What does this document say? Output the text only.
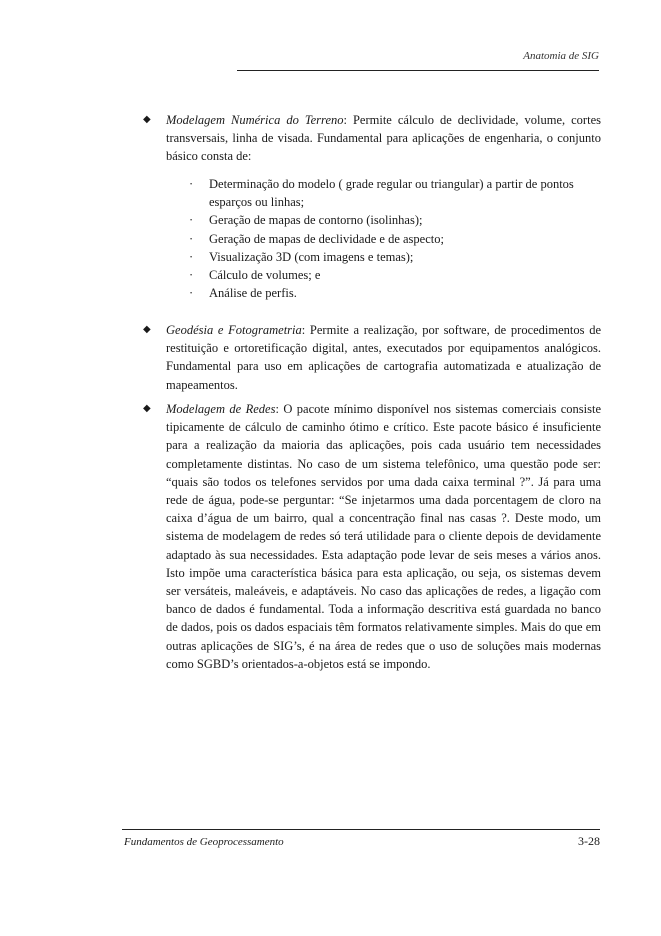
Anatomia de SIG
◆	Modelagem Numérica do Terreno: Permite cálculo de declividade, volume, cortes transversais, linha de visada. Fundamental para aplicações de engenharia, o conjunto básico consta de:
· Determinação do modelo ( grade regular ou triangular) a partir de pontos esparços ou linhas;
· Geração de mapas de contorno (isolinhas);
· Geração de mapas de declividade e de aspecto;
· Visualização 3D (com imagens e temas);
· Cálculo de volumes; e
· Análise de perfis.
◆	Geodésia e Fotogrametria: Permite a realização, por software, de procedimentos de restituição e ortoretificação digital, antes, executados por equipamentos analógicos. Fundamental para uso em aplicações de cartografia automatizada e atualização de mapeamentos.
◆	Modelagem de Redes: O pacote mínimo disponível nos sistemas comerciais consiste tipicamente de cálculo de caminho ótimo e crítico. Este pacote básico é insuficiente para a realização da maioria das aplicações, pois cada usuário tem necessidades completamente distintas. No caso de um sistema telefônico, uma questão pode ser: “quais são todos os telefones servidos por uma dada caixa terminal ?”. Já para uma rede de água, pode-se perguntar: “Se injetarmos uma dada porcentagem de cloro na caixa d’água de um bairro, qual a concentração final nas casas ?. Deste modo, um sistema de modelagem de redes só terá utilidade para o cliente depois de devidamente adaptado às sua necessidades. Esta adaptação pode levar de seis meses a vários anos. Isto impõe uma característica básica para esta aplicação, ou seja, os sistemas devem ser versáteis, maleáveis, e adaptáveis. No caso das aplicações de redes, a ligação com banco de dados é fundamental. Toda a informação descritiva está guardada no banco de dados, pois os dados espaciais têm formatos relativamente simples. Mais do que em outras aplicações de SIG’s, é na área de redes que o uso de soluções mais modernas como SGBD’s orientados-a-objetos está se impondo.
Fundamentos de Geoprocessamento	3-28
